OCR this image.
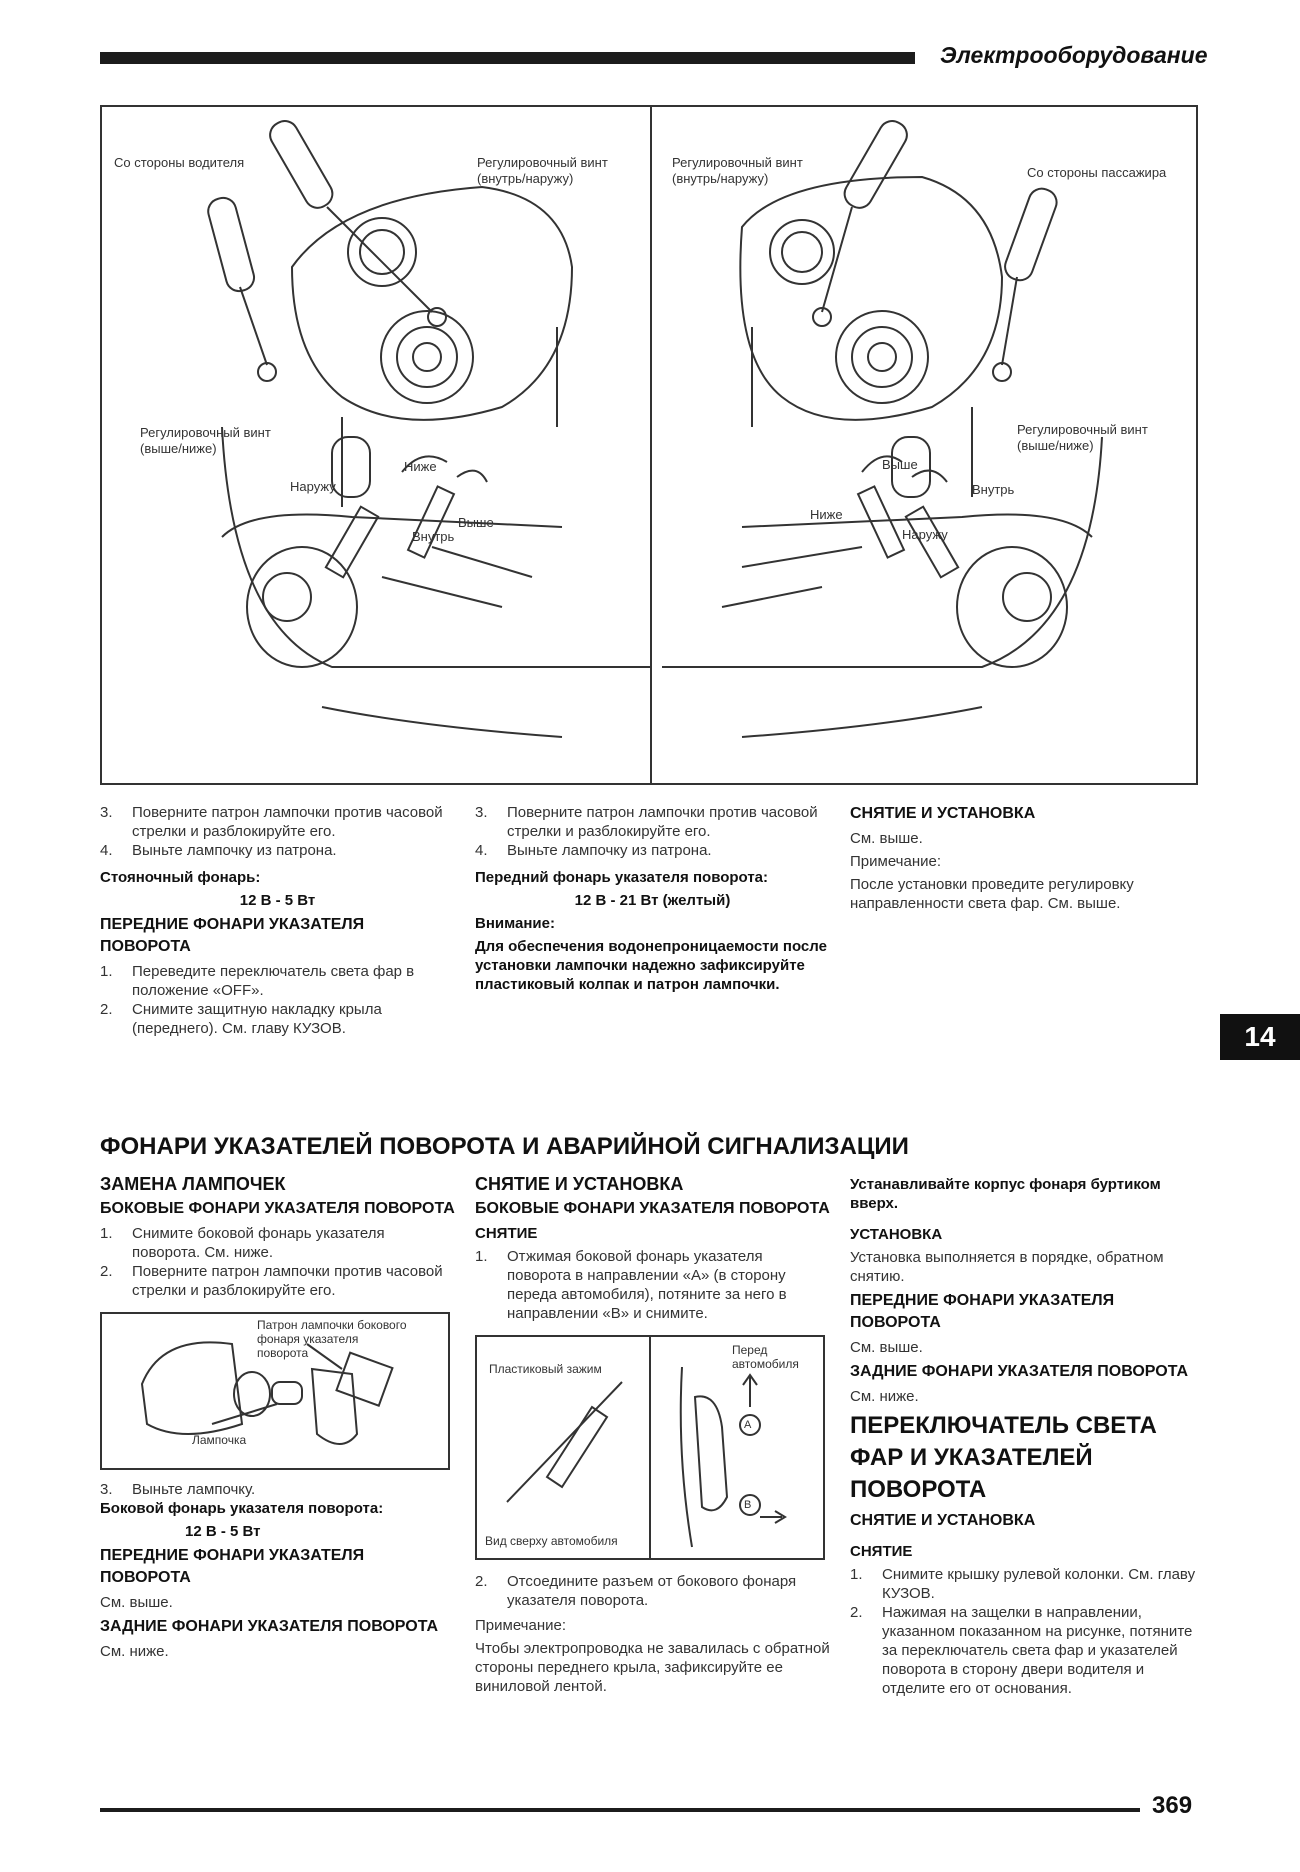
Электрооборудование
Со стороны водителя	Регулировочный винт
(внутрь/наружу)
Регулировочный винт
(выше/ниже)
Наружу
Ниже
Внутрь
Выше
Регулировочный винт
(внутрь/наружу)	Со стороны пассажира
Регулировочный винт
(выше/ниже)
Выше
Внутрь
Ниже
Наружу
3.	Поверните патрон лампочки против часовой стрелки и разблокируйте его.
4.	Выньте лампочку из патрона.

Стояночный фонарь:

12 В - 5 Вт

ПЕРЕДНИЕ ФОНАРИ УКАЗАТЕЛЯ ПОВОРОТА

1.	Переведите переключатель света фар в положение «OFF».
2.	Снимите защитную накладку крыла (переднего). См. главу КУЗОВ.
3.	Поверните патрон лампочки против часовой стрелки и разблокируйте его.
4.	Выньте лампочку из патрона.

Передний фонарь указателя поворота:

12 В - 21 Вт (желтый)

Внимание:

Для обеспечения водонепроницаемости после установки лампочки надежно зафиксируйте пластиковый колпак и патрон лампочки.

СНЯТИЕ И УСТАНОВКА

См. выше.

Примечание:

После установки проведите регулировку направленности света фар. См. выше.

14
ФОНАРИ УКАЗАТЕЛЕЙ ПОВОРОТА И АВАРИЙНОЙ СИГНАЛИЗАЦИИ

ЗАМЕНА ЛАМПОЧЕК

БОКОВЫЕ ФОНАРИ УКАЗАТЕЛЯ ПОВОРОТА

1.	Снимите боковой фонарь указателя поворота. См. ниже.
2.	Поверните патрон лампочки против часовой стрелки и разблокируйте его.
Патрон лампочки бокового фонаря указателя поворота
Лампочка
3.	Выньте лампочку.

Боковой фонарь указателя поворота:

12 В - 5 Вт

ПЕРЕДНИЕ ФОНАРИ УКАЗАТЕЛЯ ПОВОРОТА

См. выше.

ЗАДНИЕ ФОНАРИ УКАЗАТЕЛЯ ПОВОРОТА

См. ниже.

СНЯТИЕ И УСТАНОВКА

БОКОВЫЕ ФОНАРИ УКАЗАТЕЛЯ ПОВОРОТА

СНЯТИЕ

1.	Отжимая боковой фонарь указателя поворота в направлении «А» (в сторону переда автомобиля), потяните за него в направлении «В» и снимите.
Пластиковый зажим
Перед автомобиля
A
B
Вид сверху автомобиля
2.	Отсоедините разъем от бокового фонаря указателя поворота.

Примечание:

Чтобы электропроводка не завалилась с обратной стороны переднего крыла, зафиксируйте ее виниловой лентой.

Устанавливайте корпус фонаря буртиком вверх.

УСТАНОВКА

Установка выполняется в порядке, обратном снятию.

ПЕРЕДНИЕ ФОНАРИ УКАЗАТЕЛЯ ПОВОРОТА

См. выше.

ЗАДНИЕ ФОНАРИ УКАЗАТЕЛЯ ПОВОРОТА

См. ниже.

ПЕРЕКЛЮЧАТЕЛЬ СВЕТА ФАР И УКАЗАТЕЛЕЙ ПОВОРОТА

СНЯТИЕ И УСТАНОВКА

СНЯТИЕ

1.	Снимите крышку рулевой колонки. См. главу КУЗОВ.
2.	Нажимая на защелки в направлении, указанном показанном на рисунке, потяните за переключатель света фар и указателей поворота в сторону двери водителя и отделите его от основания.
369
